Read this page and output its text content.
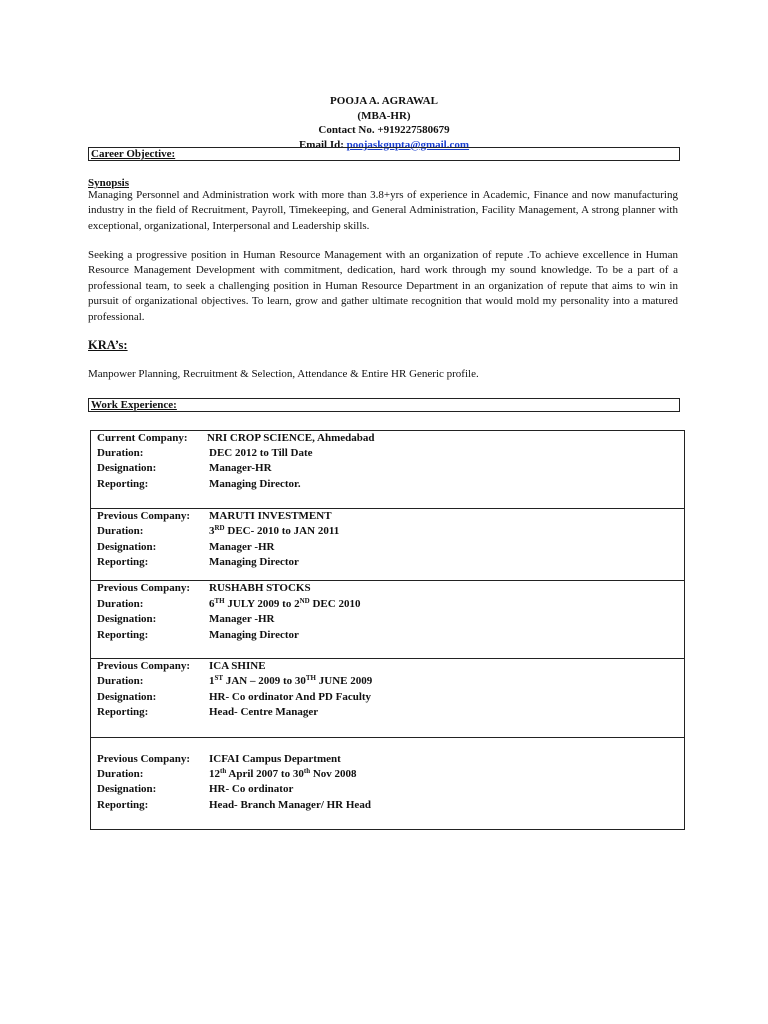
POOJA A. AGRAWAL
(MBA-HR)
Contact No. +919227580679
Email Id: poojaskgupta@gmail.com
Career Objective:
Synopsis
Managing Personnel and Administration work with more than 3.8+yrs of experience in Academic, Finance and now manufacturing industry in the field of Recruitment, Payroll, Timekeeping, and General Administration, Facility Management, A strong planner with exceptional, organizational, Interpersonal and Leadership skills.
Seeking a progressive position in Human Resource Management with an organization of repute .To achieve excellence in Human Resource Management Development with commitment, dedication, hard work through my sound knowledge. To be a part of a professional team, to seek a challenging position in Human Resource Department in an organization of repute that aims to win in pursuit of organizational objectives. To learn, grow and gather ultimate recognition that would mold my personality into a matured professional.
KRA’s:
Manpower Planning, Recruitment & Selection, Attendance & Entire HR Generic profile.
Work Experience:
Current Company: NRI CROP SCIENCE, Ahmedabad
Duration:	DEC 2012 to Till Date
Designation:	Manager-HR
Reporting:	Managing Director.
Previous Company: MARUTI INVESTMENT
Duration:	3RD DEC- 2010 to JAN 2011
Designation:	Manager -HR
Reporting:	Managing Director
Previous Company: RUSHABH STOCKS
Duration:	6TH JULY 2009 to 2ND DEC 2010
Designation:	Manager -HR
Reporting:	Managing Director
Previous Company: ICA SHINE
Duration:	1ST JAN – 2009 to 30TH JUNE 2009
Designation:	HR- Co ordinator And PD Faculty
Reporting:	Head- Centre Manager
Previous Company: ICFAI Campus Department
Duration:	12th April 2007 to 30th Nov 2008
Designation:	HR- Co ordinator
Reporting:	Head- Branch Manager/ HR Head
